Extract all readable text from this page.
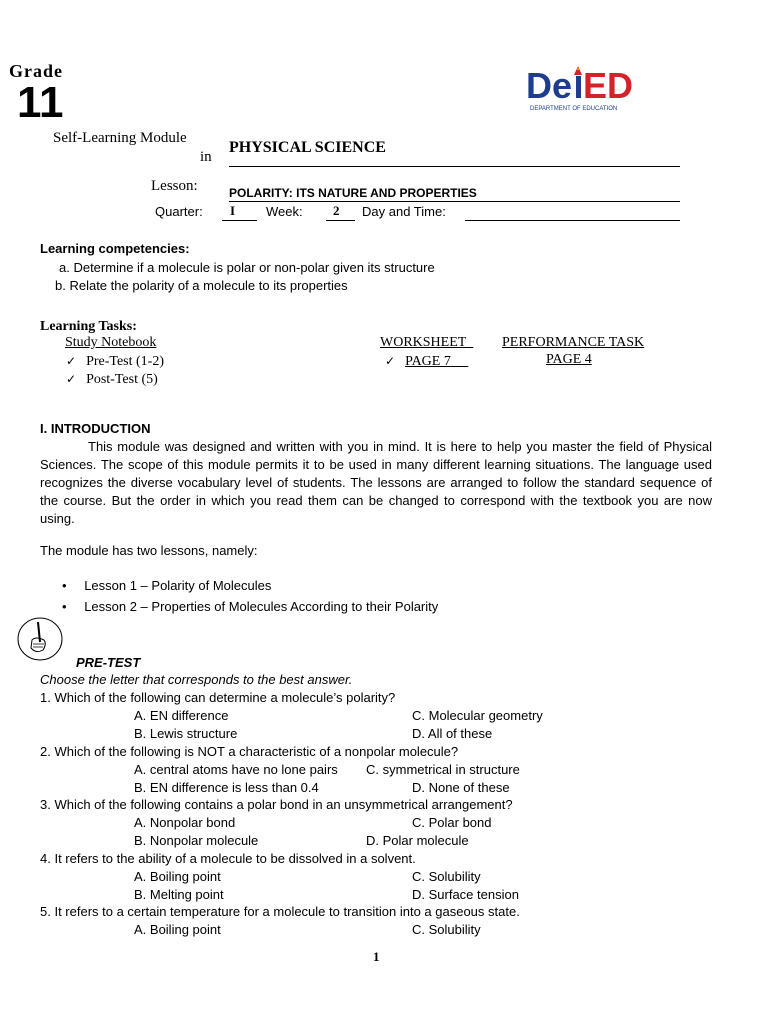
Grade
11	De ED
DEPARTMENT OF EDUCATION
Self-Learning Module
in
PHYSICAL SCIENCE
Lesson:	POLARITY: ITS NATURE AND PROPERTIES
Quarter: I Week: 2 Day and Time:
Learning competencies:
a. Determine if a molecule is polar or non-polar given its structure
b. Relate the polarity of a molecule to its properties
Learning Tasks:
Study Notebook
✓ Pre-Test (1-2)
✓ Post-Test (5)
WORKSHEET
✓ PAGE 7
PERFORMANCE TASK
PAGE 4
I. INTRODUCTION
This module was designed and written with you in mind. It is here to help you master the field of Physical Sciences. The scope of this module permits it to be used in many different learning situations. The language used recognizes the diverse vocabulary level of students. The lessons are arranged to follow the standard sequence of the course. But the order in which you read them can be changed to correspond with the textbook you are now using.
The module has two lessons, namely:
• Lesson 1 – Polarity of Molecules
• Lesson 2 – Properties of Molecules According to their Polarity
PRE-TEST
Choose the letter that corresponds to the best answer.
1. Which of the following can determine a molecule’s polarity?
A. EN difference	C. Molecular geometry
B. Lewis structure	D. All of these
2. Which of the following is NOT a characteristic of a nonpolar molecule?
A. central atoms have no lone pairs C. symmetrical in structure
B. EN difference is less than 0.4	D. None of these
3. Which of the following contains a polar bond in an unsymmetrical arrangement?
A. Nonpolar bond	C. Polar bond
B. Nonpolar molecule	D. Polar molecule
4. It refers to the ability of a molecule to be dissolved in a solvent.
A. Boiling point	C. Solubility
B. Melting point	D. Surface tension
5. It refers to a certain temperature for a molecule to transition into a gaseous state.
A. Boiling point	C. Solubility
1
